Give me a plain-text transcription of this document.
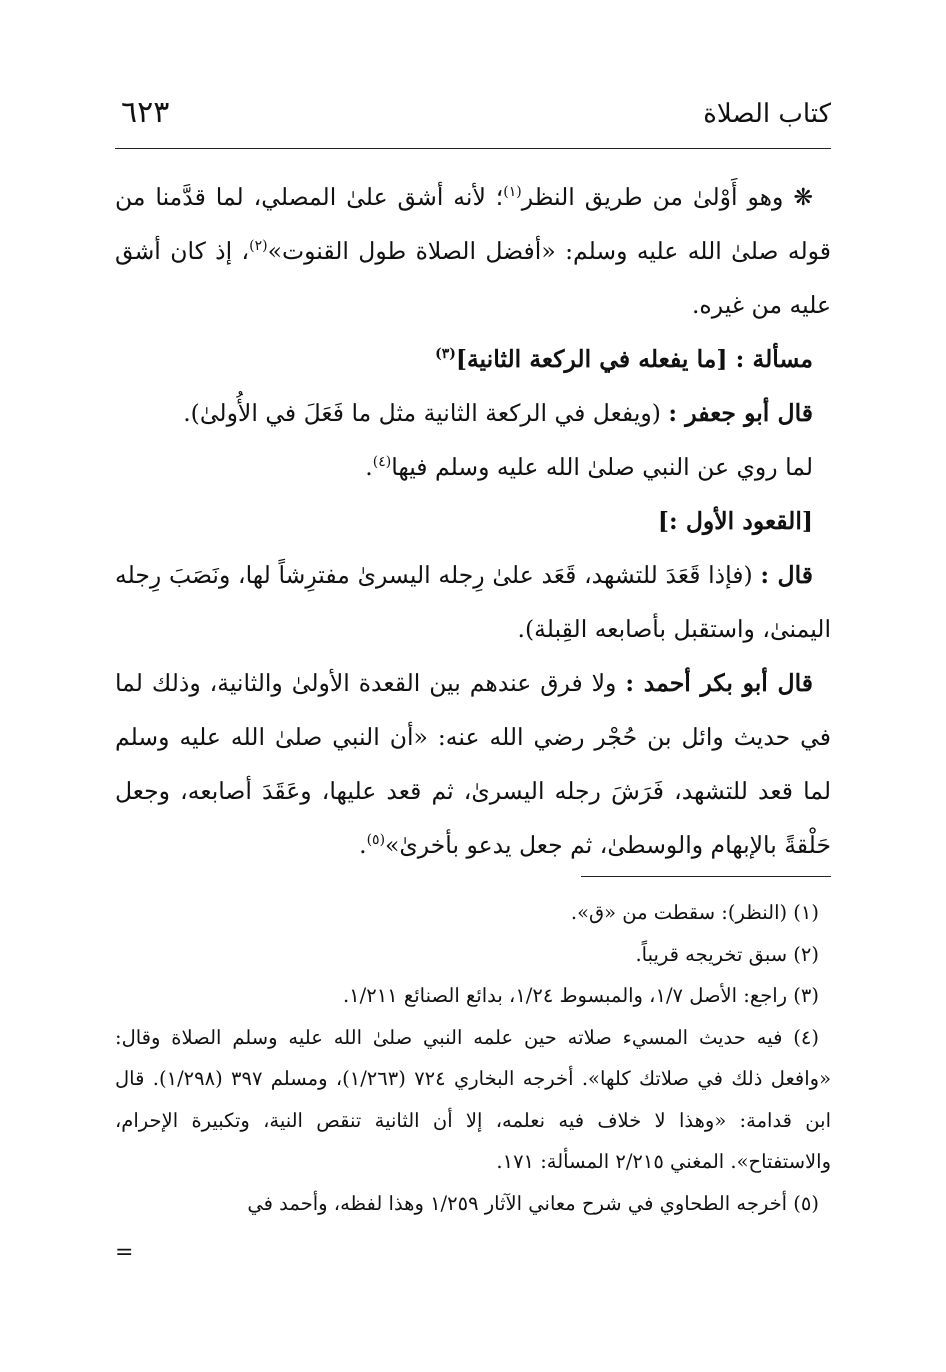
كتاب الصلاة
٦٢٣

❋ وهو أَوْلىٰ من طريق النظر$^{(١)}$؛ لأنه أشق علىٰ المصلي، لما قدَّمنا من قوله صلىٰ الله عليه وسلم: «أفضل الصلاة طول القنوت»$^{(٢)}$، إذ كان أشق عليه من غيره.

مسألة : [ما يفعله في الركعة الثانية]$^{(٣)}$

قال أبو جعفر : (ويفعل في الركعة الثانية مثل ما فَعَلَ في الأُولىٰ).

لما روي عن النبي صلىٰ الله عليه وسلم فيها$^{(٤)}$.

[القعود الأول :]

قال : (فإذا قَعَدَ للتشهد، قَعَد علىٰ رِجله اليسرىٰ مفترِشاً لها، ونَصَبَ رِجله اليمنىٰ، واستقبل بأصابعه القِبلة).

قال أبو بكر أحمد : ولا فرق عندهم بين القعدة الأولىٰ والثانية، وذلك لما في حديث وائل بن حُجْر رضي الله عنه: «أن النبي صلىٰ الله عليه وسلم لما قعد للتشهد، فَرَشَ رجله اليسرىٰ، ثم قعد عليها، وعَقَدَ أصابعه، وجعل حَلْقةً بالإبهام والوسطىٰ، ثم جعل يدعو بأخرىٰ»$^{(٥)}$.

(١) (النظر): سقطت من «ق».

(٢) سبق تخريجه قريباً.

(٣) راجع: الأصل ١/٧، والمبسوط ١/٢٤، بدائع الصنائع ١/٢١١.

(٤) فيه حديث المسيء صلاته حين علمه النبي صلىٰ الله عليه وسلم الصلاة وقال: «وافعل ذلك في صلاتك كلها». أخرجه البخاري ٧٢٤ (١/٢٦٣)، ومسلم ٣٩٧ (١/٢٩٨). قال ابن قدامة: «وهذا لا خلاف فيه نعلمه، إلا أن الثانية تنقص النية، وتكبيرة الإحرام، والاستفتاح». المغني ٢/٢١٥ المسألة: ١٧١.

(٥) أخرجه الطحاوي في شرح معاني الآثار ١/٢٥٩ وهذا لفظه، وأحمد في

=
